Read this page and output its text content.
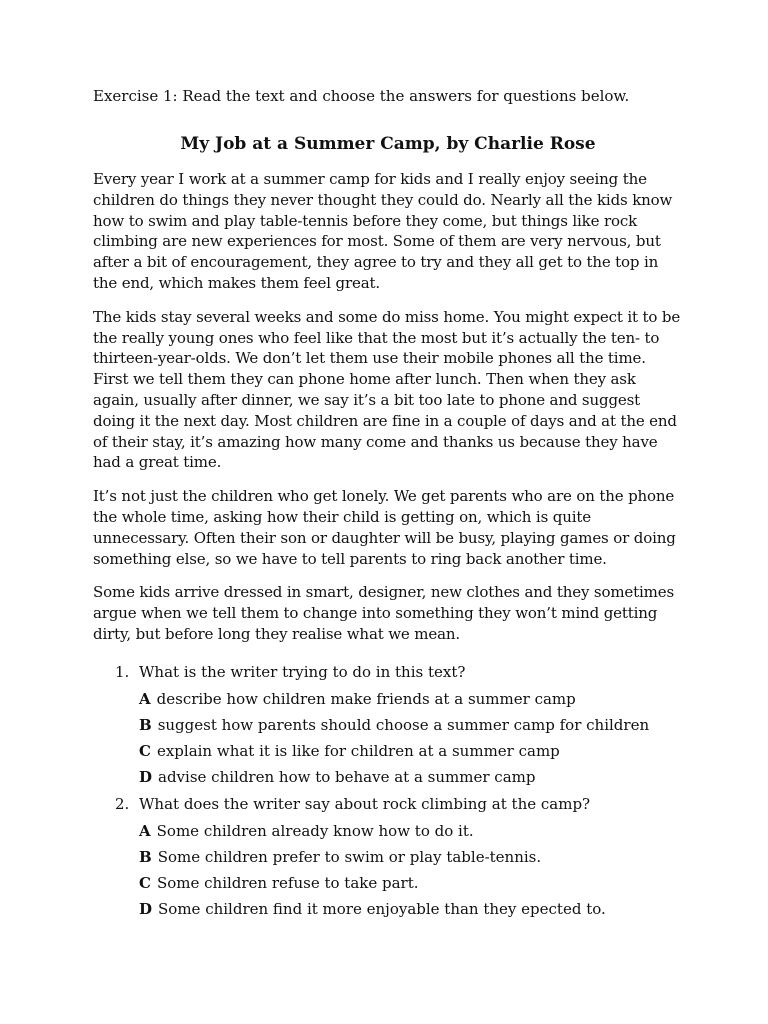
Exercise 1: Read the text and choose the answers for questions below.

My Job at a Summer Camp, by Charlie Rose

Every year I work at a summer camp for kids and I really enjoy seeing the children do things they never thought they could do. Nearly all the kids know how to swim and play table-tennis before they come, but things like rock climbing are new experiences for most. Some of them are very nervous, but after a bit of encouragement, they agree to try and they all get to the top in the end, which makes them feel great.

The kids stay several weeks and some do miss home. You might expect it to be the really young ones who feel like that the most but it’s actually the ten- to thirteen-year-olds. We don’t let them use their mobile phones all the time. First we tell them they can phone home after lunch. Then when they ask again, usually after dinner, we say it’s a bit too late to phone and suggest doing it the next day. Most children are fine in a couple of days and at the end of their stay, it’s amazing how many come and thanks us because they have had a great time.

It’s not just the children who get lonely. We get parents who are on the phone the whole time, asking how their child is getting on, which is quite unnecessary. Often their son or daughter will be busy, playing games or doing something else, so we have to tell parents to ring back another time.

Some kids arrive dressed in smart, designer, new clothes and they sometimes argue when we tell them to change into something they won’t mind getting dirty, but before long they realise what we mean.

1. What is the writer trying to do in this text?

A describe how children make friends at a summer camp
B suggest how parents should choose a summer camp for children
C explain what it is like for children at a summer camp
D advise children how to behave at a summer camp
2. What does the writer say about rock climbing at the camp?

A Some children already know how to do it.
B Some children prefer to swim or play table-tennis.
C Some children refuse to take part.
D Some children find it more enjoyable than they epected to.
